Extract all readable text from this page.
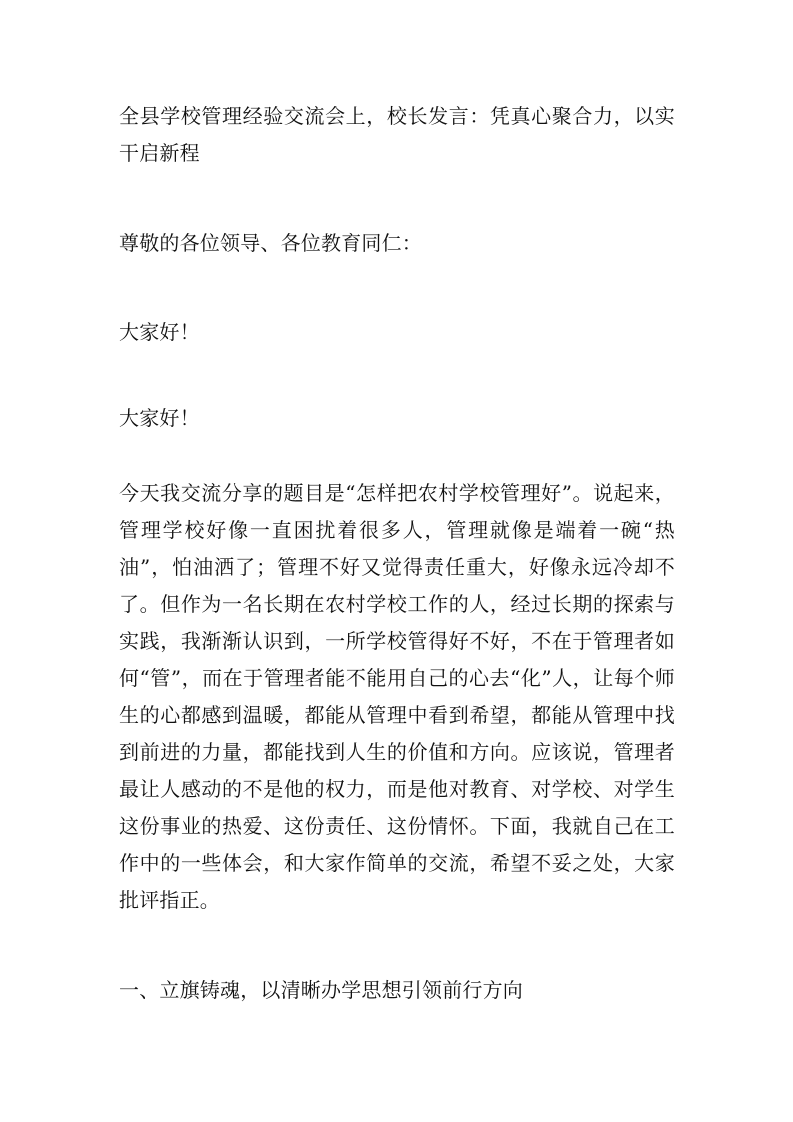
全县学校管理经验交流会上，校长发言：凭真心聚合力，以实干启新程

尊敬的各位领导、各位教育同仁：

大家好！

大家好！

今天我交流分享的题目是“怎样把农村学校管理好”。说起来，管理学校好像一直困扰着很多人，管理就像是端着一碗“热油”，怕油洒了；管理不好又觉得责任重大，好像永远冷却不了。但作为一名长期在农村学校工作的人，经过长期的探索与实践，我渐渐认识到，一所学校管得好不好，不在于管理者如何“管”，而在于管理者能不能用自己的心去“化”人，让每个师生的心都感到温暖，都能从管理中看到希望，都能从管理中找到前进的力量，都能找到人生的价值和方向。应该说，管理者最让人感动的不是他的权力，而是他对教育、对学校、对学生这份事业的热爱、这份责任、这份情怀。下面，我就自己在工作中的一些体会，和大家作简单的交流，希望不妥之处，大家批评指正。

一、立旗铸魂，以清晰办学思想引领前行方向
